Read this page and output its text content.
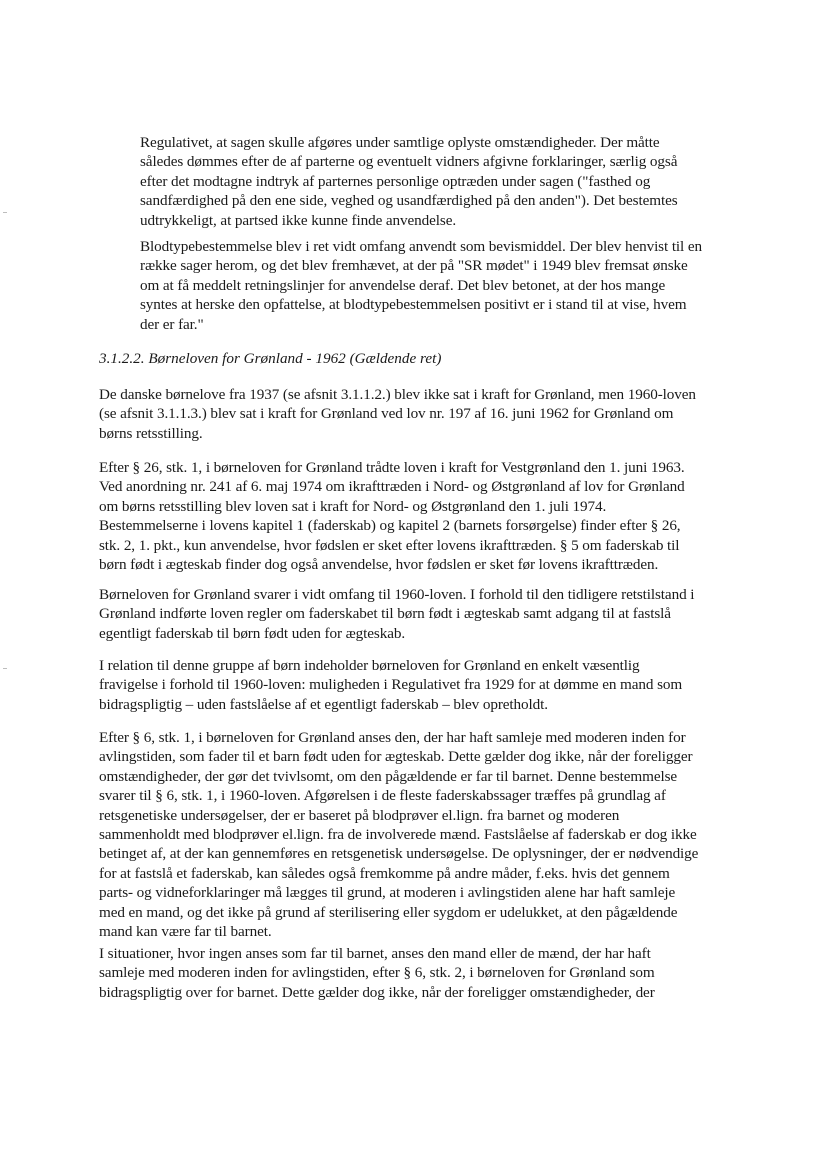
Regulativet, at sagen skulle afgøres under samtlige oplyste omstændigheder. Der måtte
således dømmes efter de af parterne og eventuelt vidners afgivne forklaringer, særlig også
efter det modtagne indtryk af parternes personlige optræden under sagen ("fasthed og
sandfærdighed på den ene side, veghed og usandfærdighed på den anden"). Det bestemtes
udtrykkeligt, at partsed ikke kunne finde anvendelse.
Blodtypebestemmelse blev i ret vidt omfang anvendt som bevismiddel. Der blev henvist til en
række sager herom, og det blev fremhævet, at der på "SR mødet" i 1949 blev fremsat ønske
om at få meddelt retningslinjer for anvendelse deraf. Det blev betonet, at der hos mange
syntes at herske den opfattelse, at blodtypebestemmelsen positivt er i stand til at vise, hvem
der er far."
3.1.2.2. Børneloven for Grønland - 1962 (Gældende ret)
De danske børnelove fra 1937 (se afsnit 3.1.1.2.) blev ikke sat i kraft for Grønland, men 1960-loven
(se afsnit 3.1.1.3.) blev sat i kraft for Grønland ved lov nr. 197 af 16. juni 1962 for Grønland om
børns retsstilling.
Efter § 26, stk. 1, i børneloven for Grønland trådte loven i kraft for Vestgrønland den 1. juni 1963.
Ved anordning nr. 241 af 6. maj 1974 om ikrafttræden i Nord- og Østgrønland af lov for Grønland
om børns retsstilling blev loven sat i kraft for Nord- og Østgrønland den 1. juli 1974.
Bestemmelserne i lovens kapitel 1 (faderskab) og kapitel 2 (barnets forsørgelse) finder efter § 26,
stk. 2, 1. pkt., kun anvendelse, hvor fødslen er sket efter lovens ikrafttræden. § 5 om faderskab til
børn født i ægteskab finder dog også anvendelse, hvor fødslen er sket før lovens ikrafttræden.
Børneloven for Grønland svarer i vidt omfang til 1960-loven. I forhold til den tidligere retstilstand i
Grønland indførte loven regler om faderskabet til børn født i ægteskab samt adgang til at fastslå
egentligt faderskab til børn født uden for ægteskab.
I relation til denne gruppe af børn indeholder børneloven for Grønland en enkelt væsentlig
fravigelse i forhold til 1960-loven: muligheden i Regulativet fra 1929 for at dømme en mand som
bidragspligtig – uden fastslåelse af et egentligt faderskab – blev opretholdt.
Efter § 6, stk. 1, i børneloven for Grønland anses den, der har haft samleje med moderen inden for
avlingstiden, som fader til et barn født uden for ægteskab. Dette gælder dog ikke, når der foreligger
omstændigheder, der gør det tvivlsomt, om den pågældende er far til barnet. Denne bestemmelse
svarer til § 6, stk. 1, i 1960-loven. Afgørelsen i de fleste faderskabssager træffes på grundlag af
retsgenetiske undersøgelser, der er baseret på blodprøver el.lign. fra barnet og moderen
sammenholdt med blodprøver el.lign. fra de involverede mænd. Fastslåelse af faderskab er dog ikke
betinget af, at der kan gennemføres en retsgenetisk undersøgelse. De oplysninger, der er nødvendige
for at fastslå et faderskab, kan således også fremkomme på andre måder, f.eks. hvis det gennem
parts- og vidneforklaringer må lægges til grund, at moderen i avlingstiden alene har haft samleje
med en mand, og det ikke på grund af sterilisering eller sygdom er udelukket, at den pågældende
mand kan være far til barnet.
I situationer, hvor ingen anses som far til barnet, anses den mand eller de mænd, der har haft
samleje med moderen inden for avlingstiden, efter § 6, stk. 2, i børneloven for Grønland som
bidragspligtig over for barnet. Dette gælder dog ikke, når der foreligger omstændigheder, der
